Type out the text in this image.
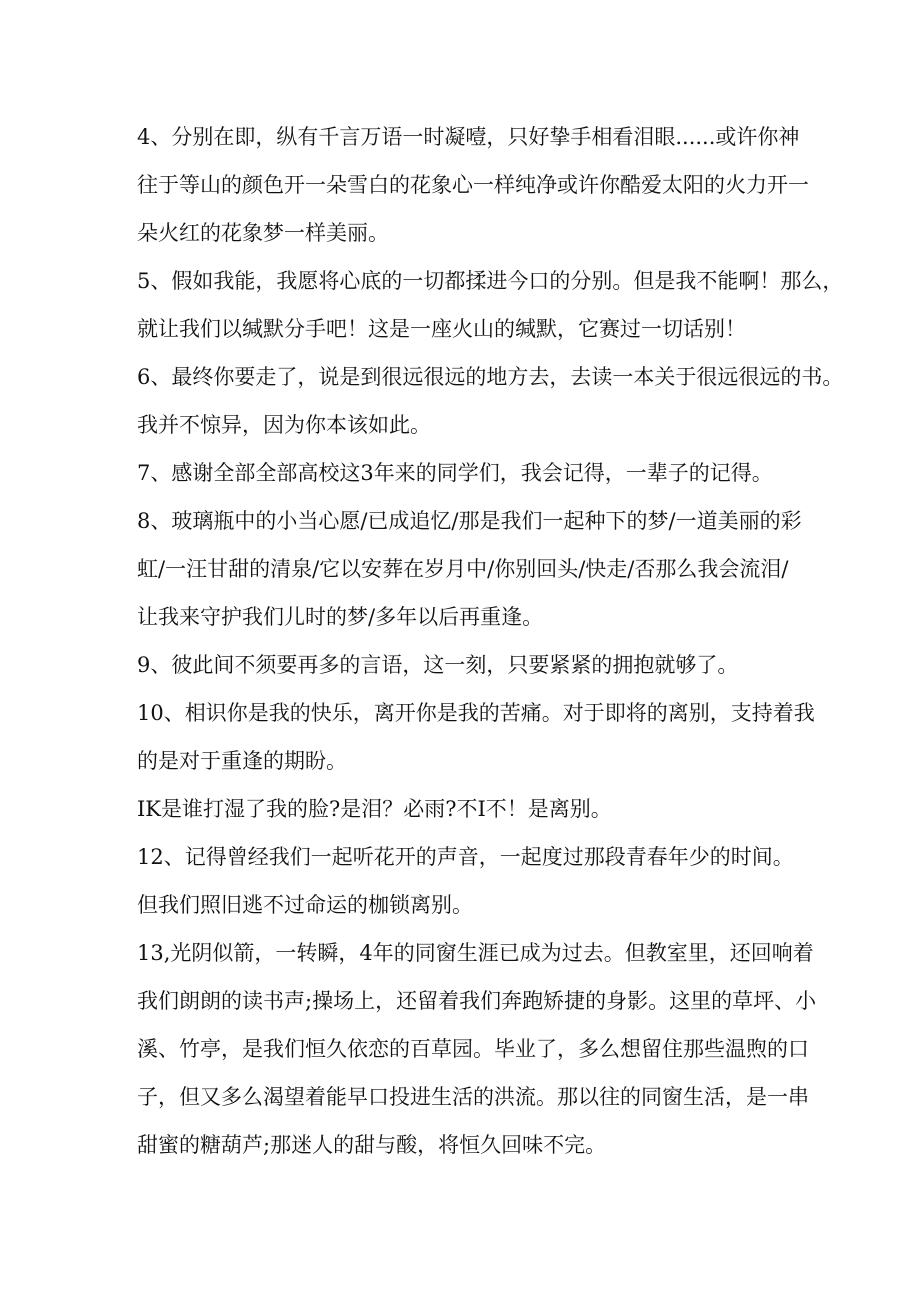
4、分别在即，纵有千言万语一时凝噎，只好挚手相看泪眼......或许你神
往于等山的颜色开一朵雪白的花象心一样纯净或许你酷爱太阳的火力开一
朵火红的花象梦一样美丽。
5、假如我能，我愿将心底的一切都揉进今口的分别。但是我不能啊！那么，
就让我们以缄默分手吧！这是一座火山的缄默，它赛过一切话别！
6、最终你要走了，说是到很远很远的地方去，去读一本关于很远很远的书。
我并不惊异，因为你本该如此。
7、感谢全部全部高校这3年来的同学们，我会记得，一辈子的记得。
8、玻璃瓶中的小当心愿/已成追忆/那是我们一起种下的梦/一道美丽的彩
虹/一汪甘甜的清泉/它以安葬在岁月中/你别回头/快走/否那么我会流泪/
让我来守护我们儿时的梦/多年以后再重逢。
9、彼此间不须要再多的言语，这一刻，只要紧紧的拥抱就够了。
10、相识你是我的快乐，离开你是我的苦痛。对于即将的离别，支持着我
的是对于重逢的期盼。
IK是谁打湿了我的脸?是泪？必雨?不I不！是离别。
12、记得曾经我们一起听花开的声音，一起度过那段青春年少的时间。
但我们照旧逃不过命运的枷锁离别。
13,光阴似箭，一转瞬，4年的同窗生涯已成为过去。但教室里，还回响着
我们朗朗的读书声;操场上，还留着我们奔跑矫捷的身影。这里的草坪、小
溪、竹亭，是我们恒久依恋的百草园。毕业了，多么想留住那些温煦的口
子，但又多么渴望着能早口投进生活的洪流。那以往的同窗生活，是一串
甜蜜的糖葫芦;那迷人的甜与酸，将恒久回味不完。
